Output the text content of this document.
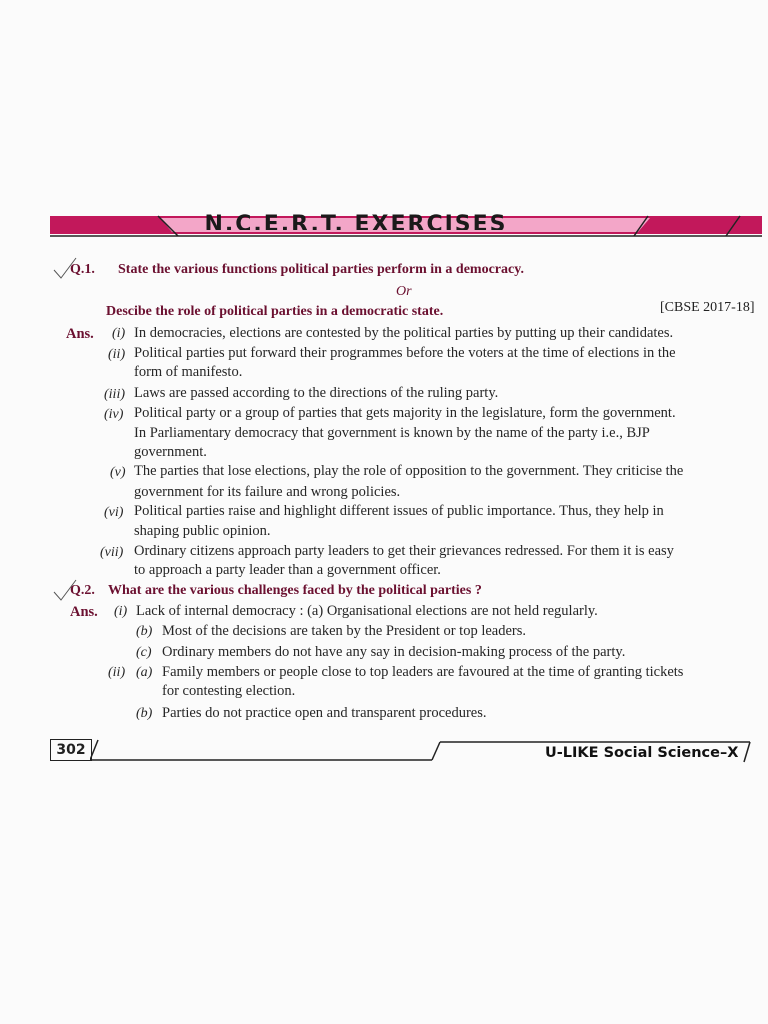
N.C.E.R.T. EXERCISES
Q.1. State the various functions political parties perform in a democracy.
Or
Descibe the role of political parties in a democratic state.	[CBSE 2017-18]
Ans. (i) In democracies, elections are contested by the political parties by putting up their candidates.
(ii) Political parties put forward their programmes before the voters at the time of elections in the
form of manifesto.
(iii) Laws are passed according to the directions of the ruling party.
(iv) Political party or a group of parties that gets majority in the legislature, form the government.
In Parliamentary democracy that government is known by the name of the party i.e., BJP
government.
(v) The parties that lose elections, play the role of opposition to the government. They criticise the
government for its failure and wrong policies.
(vi) Political parties raise and highlight different issues of public importance. Thus, they help in
shaping public opinion.
(vii) Ordinary citizens approach party leaders to get their grievances redressed. For them it is easy
to approach a party leader than a government officer.
Q.2. What are the various challenges faced by the political parties ?
Ans. (i) Lack of internal democracy : (a) Organisational elections are not held regularly.
(b) Most of the decisions are taken by the President or top leaders.
(c) Ordinary members do not have any say in decision-making process of the party.
(ii) (a) Family members or people close to top leaders are favoured at the time of granting tickets
for contesting election.
(b) Parties do not practice open and transparent procedures.
302	U-LIKE Social Science–X
